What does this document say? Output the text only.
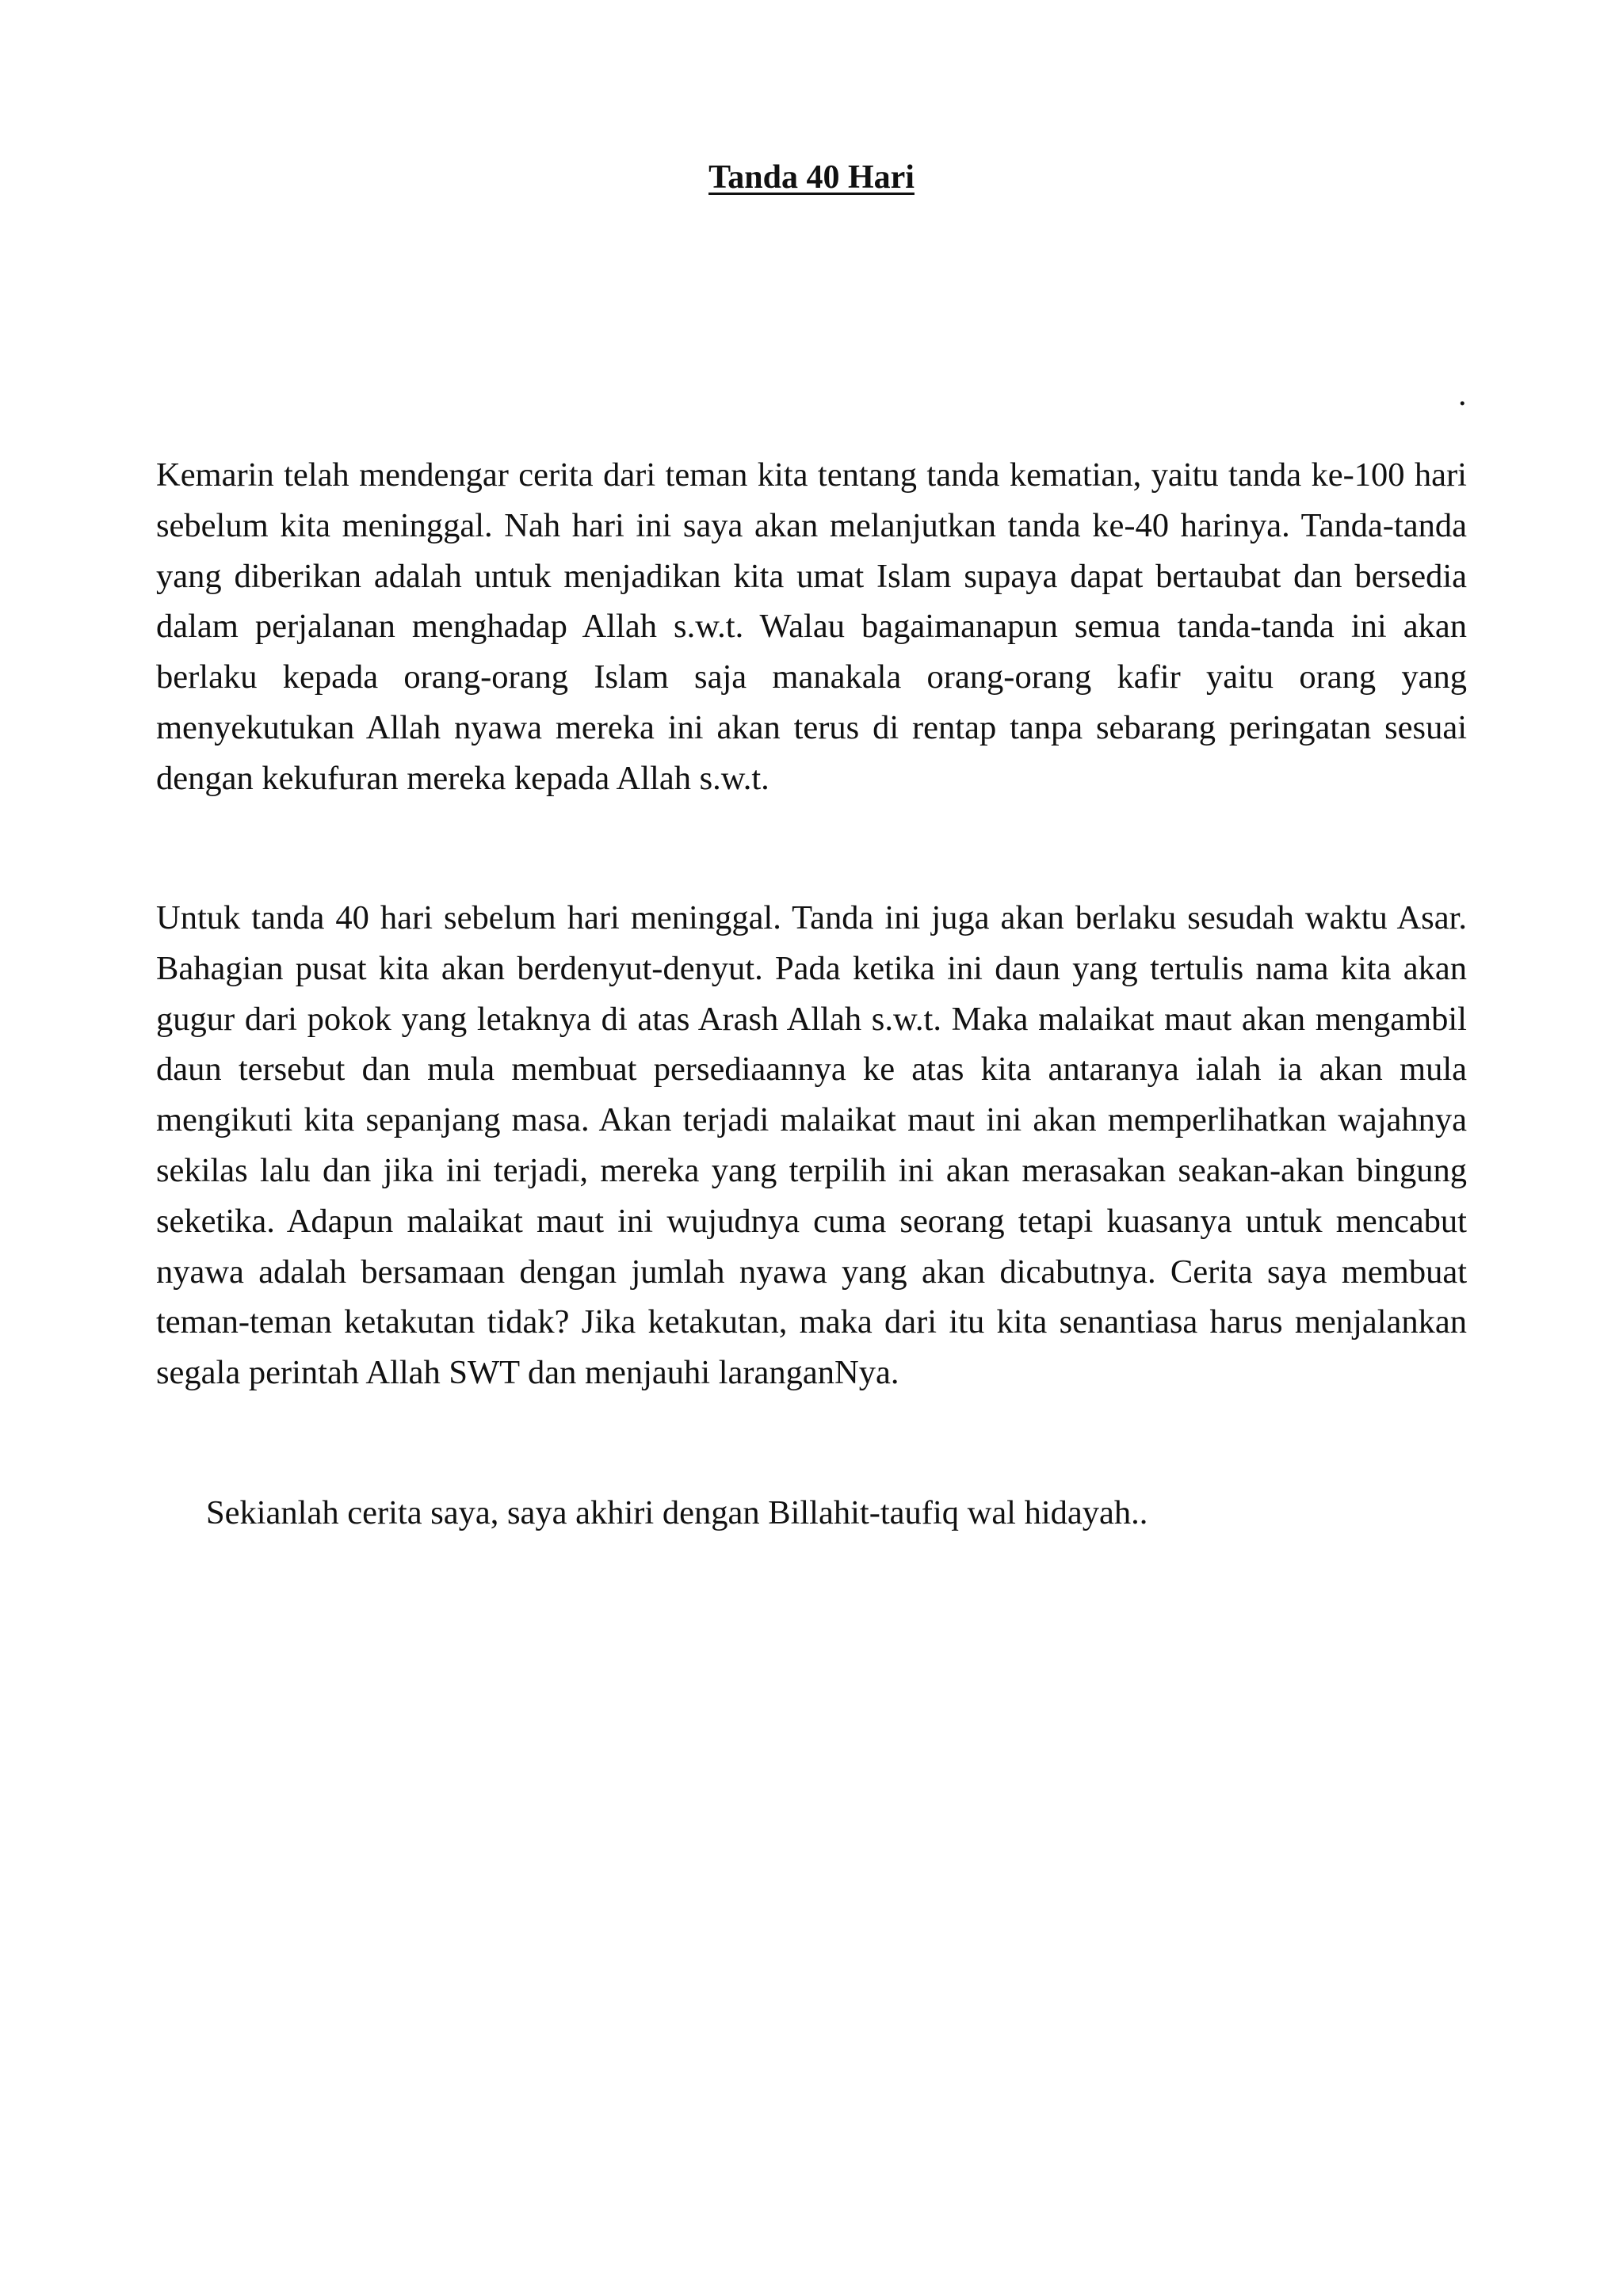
Tanda 40 Hari
.

Kemarin telah mendengar cerita dari teman kita tentang tanda kematian, yaitu tanda ke-100 hari sebelum kita meninggal. Nah hari ini saya akan melanjutkan tanda ke-40 harinya. Tanda-tanda yang diberikan adalah untuk menjadikan kita umat Islam supaya dapat bertaubat dan bersedia dalam perjalanan menghadap Allah s.w.t. Walau bagaimanapun semua tanda-tanda ini akan berlaku kepada orang-orang Islam saja manakala orang-orang kafir yaitu orang yang menyekutukan Allah nyawa mereka ini akan terus di rentap tanpa sebarang peringatan sesuai dengan kekufuran mereka kepada Allah s.w.t.

Untuk tanda 40 hari sebelum hari meninggal. Tanda ini juga akan berlaku sesudah waktu Asar. Bahagian pusat kita akan berdenyut-denyut. Pada ketika ini daun yang tertulis nama kita akan gugur dari pokok yang letaknya di atas Arash Allah s.w.t. Maka malaikat maut akan mengambil daun tersebut dan mula membuat persediaannya ke atas kita antaranya ialah ia akan mula mengikuti kita sepanjang masa. Akan terjadi malaikat maut ini akan memperlihatkan wajahnya sekilas lalu dan jika ini terjadi, mereka yang terpilih ini akan merasakan seakan-akan bingung seketika. Adapun malaikat maut ini wujudnya cuma seorang tetapi kuasanya untuk mencabut nyawa adalah bersamaan dengan jumlah nyawa yang akan dicabutnya. Cerita saya membuat teman-teman ketakutan tidak? Jika ketakutan, maka dari itu kita senantiasa harus menjalankan segala perintah Allah SWT dan menjauhi laranganNya.

Sekianlah cerita saya, saya akhiri dengan Billahit-taufiq wal hidayah..
